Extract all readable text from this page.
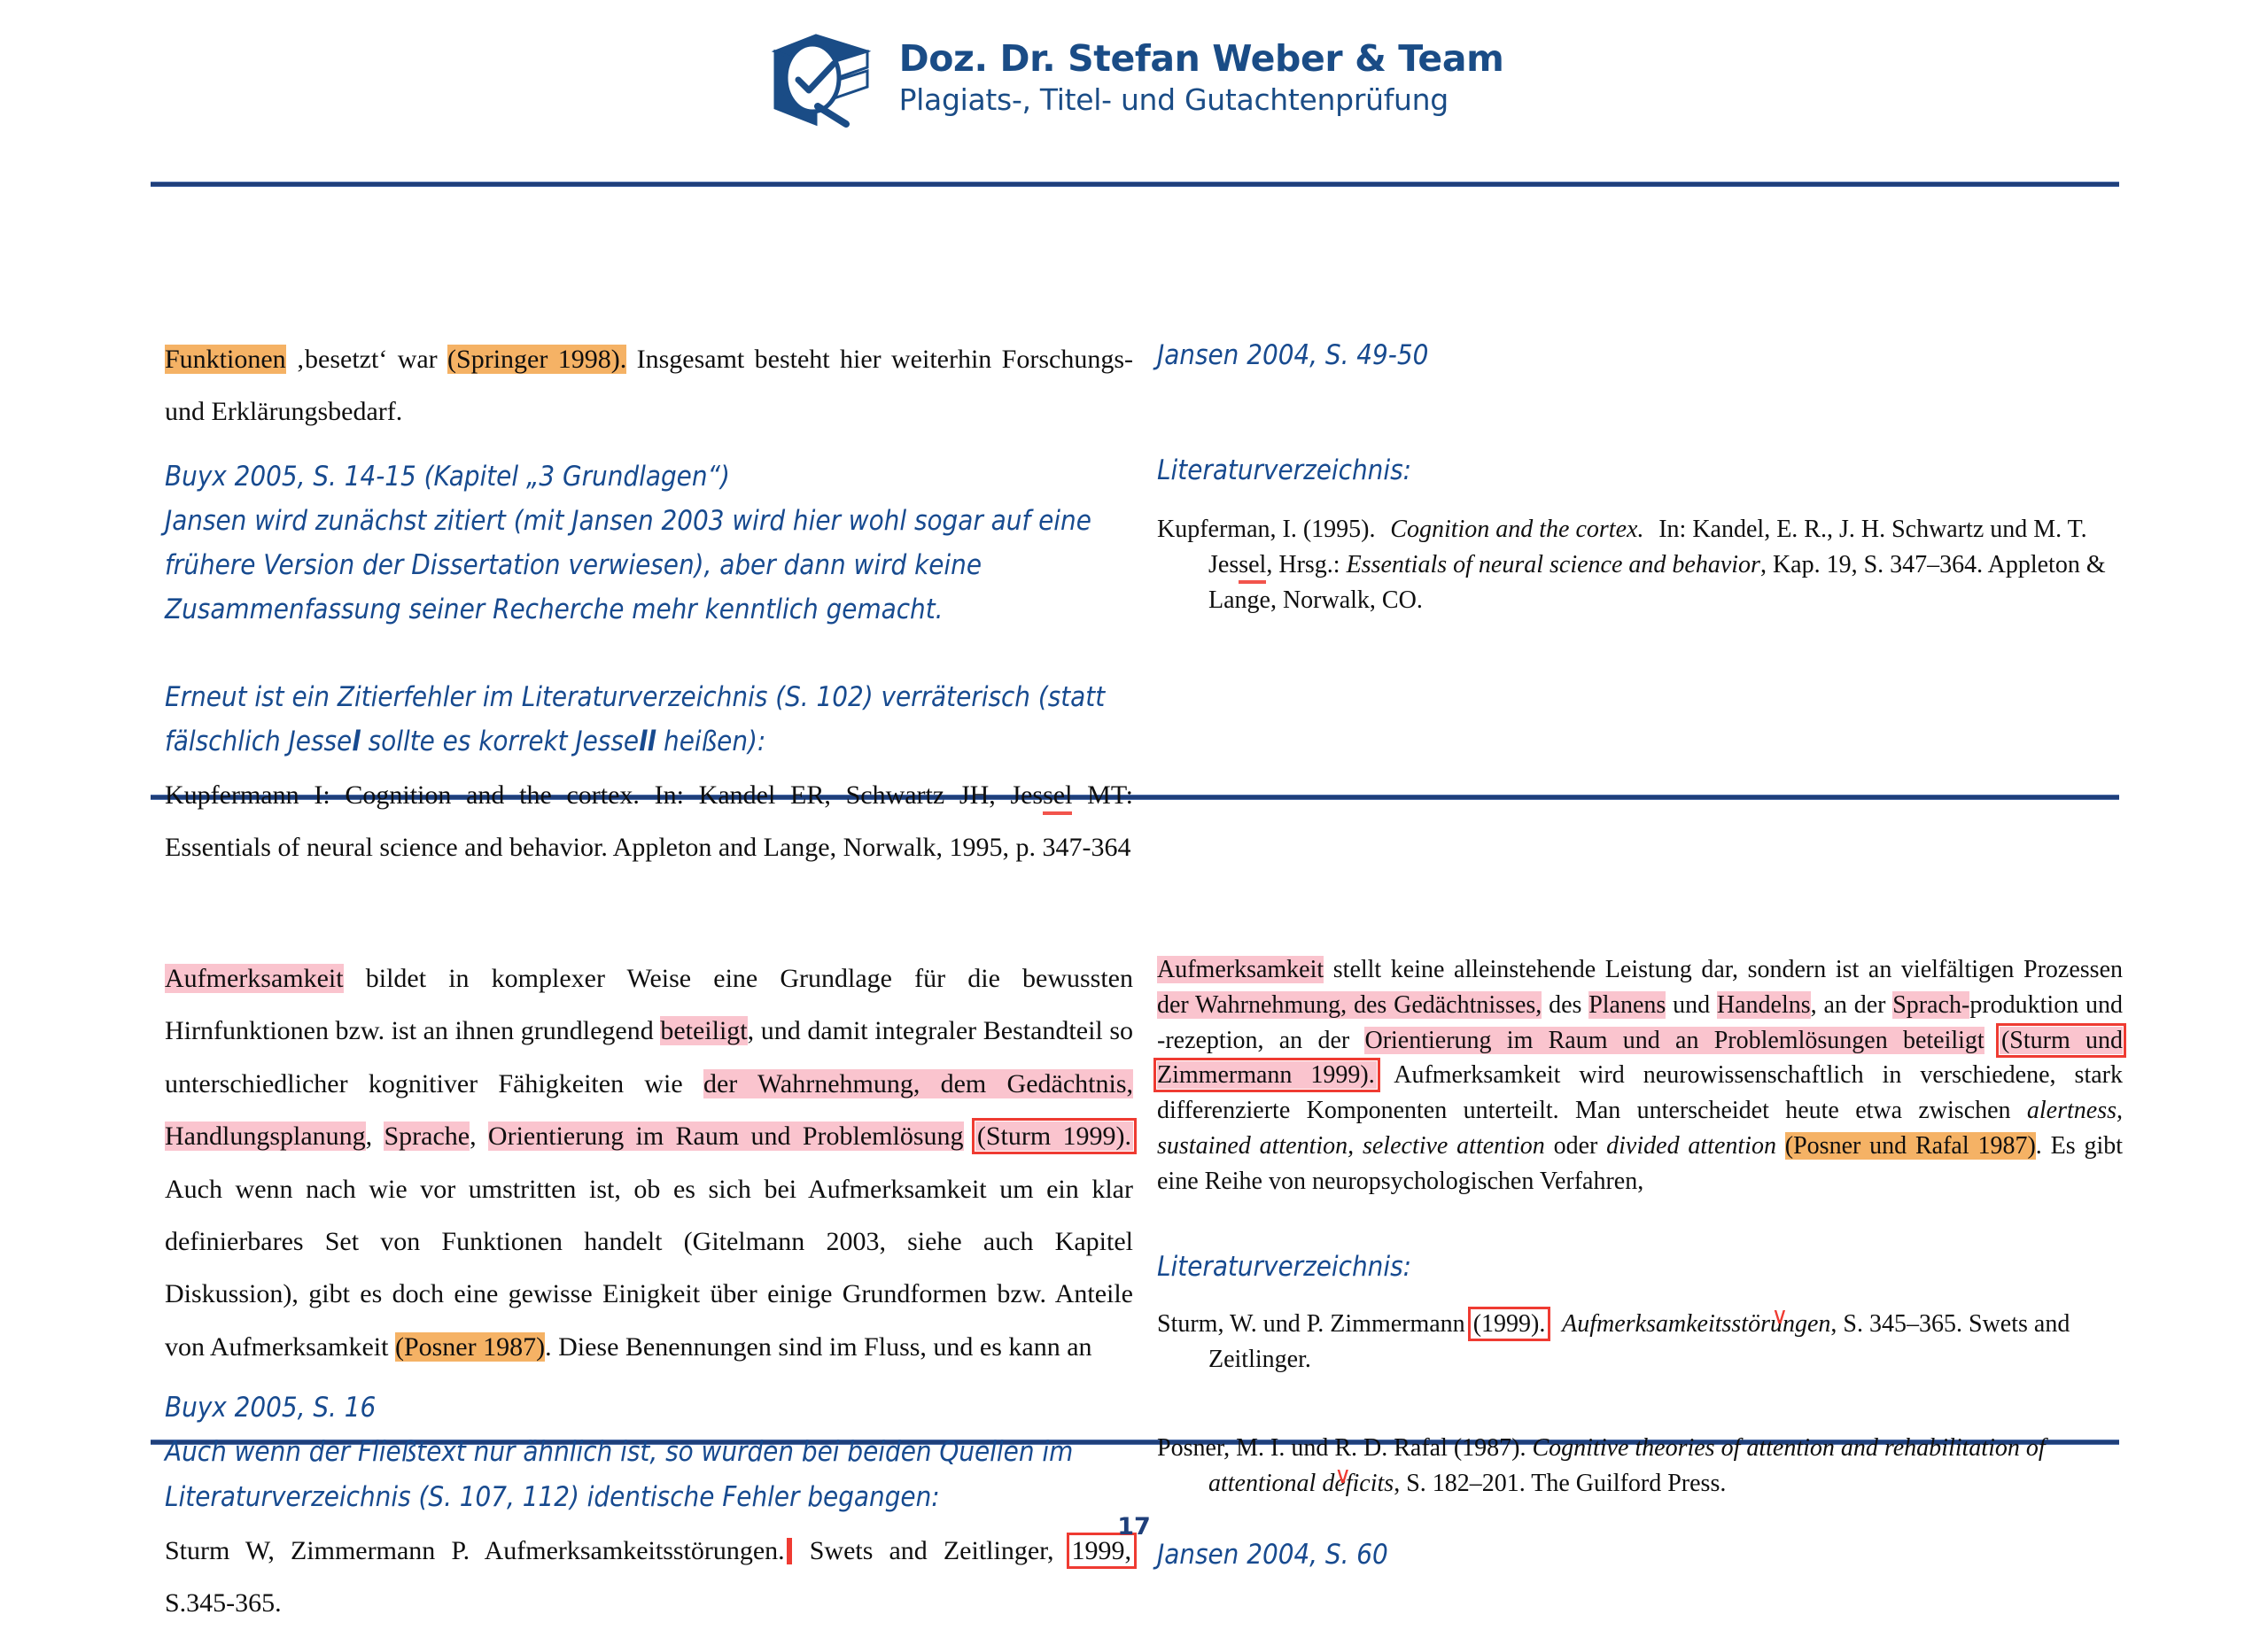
Doz. Dr. Stefan Weber & Team
Plagiats-, Titel- und Gutachtenprüfung
Funktionen ‚besetzt‘ war (Springer 1998). Insgesamt besteht hier weiterhin Forschungs- und Erklärungsbedarf.
Buyx 2005, S. 14-15 (Kapitel „3 Grundlagen“)
Jansen wird zunächst zitiert (mit Jansen 2003 wird hier wohl sogar auf eine frühere Version der Dissertation verwiesen), aber dann wird keine Zusammenfassung seiner Recherche mehr kenntlich gemacht.
Erneut ist ein Zitierfehler im Literaturverzeichnis (S. 102) verräterisch (statt fälschlich Jessel sollte es korrekt Jessell heißen):
Kupfermann I: Cognition and the cortex. In: Kandel ER, Schwartz JH, Jessel MT: Essentials of neural science and behavior. Appleton and Lange, Norwalk, 1995, p. 347-364
Jansen 2004, S. 49-50
Literaturverzeichnis:
Kupferman, I. (1995). Cognition and the cortex. In: Kandel, E. R., J. H. Schwartz und M. T. Jessel, Hrsg.: Essentials of neural science and behavior, Kap. 19, S. 347–364. Appleton & Lange, Norwalk, CO.
Aufmerksamkeit bildet in komplexer Weise eine Grundlage für die bewussten Hirnfunktionen bzw. ist an ihnen grundlegend beteiligt, und damit integraler Bestandteil so unterschiedlicher kognitiver Fähigkeiten wie der Wahrnehmung, dem Gedächtnis, Handlungsplanung, Sprache, Orientierung im Raum und Problemlösung (Sturm 1999). Auch wenn nach wie vor umstritten ist, ob es sich bei Aufmerksamkeit um ein klar definierbares Set von Funktionen handelt (Gitelmann 2003, siehe auch Kapitel Diskussion), gibt es doch eine gewisse Einigkeit über einige Grundformen bzw. Anteile von Aufmerksamkeit (Posner 1987). Diese Benennungen sind im Fluss, und es kann an
Buyx 2005, S. 16
Auch wenn der Fließtext nur ähnlich ist, so wurden bei beiden Quellen im Literaturverzeichnis (S. 107, 112) identische Fehler begangen:
Sturm W, Zimmermann P. Aufmerksamkeitsstörungen. Swets and Zeitlinger, 1999, S.345-365.
Aufmerksamkeit stellt keine alleinstehende Leistung dar, sondern ist an vielfältigen Prozessen der Wahrnehmung, des Gedächtnisses, des Planens und Handelns, an der Sprach-produktion und -rezeption, an der Orientierung im Raum und an Problemlösungen beteiligt (Sturm und Zimmermann 1999). Aufmerksamkeit wird neurowissenschaftlich in verschiedene, stark differenzierte Komponenten unterteilt. Man unterscheidet heute etwa zwischen alertness, sustained attention, selective attention oder divided attention (Posner und Rafal 1987). Es gibt eine Reihe von neuropsychologischen Verfahren,
Literaturverzeichnis:
Sturm, W. und P. Zimmermann (1999). Aufmerksamkeitsstörungen, S. 345–365. Swets and Zeitlinger.
Posner, M. I. und R. D. Rafal (1987). Cognitive theories of attention and rehabilitation of attentional deficits, S. 182–201. The Guilford Press.
Jansen 2004, S. 60
17
